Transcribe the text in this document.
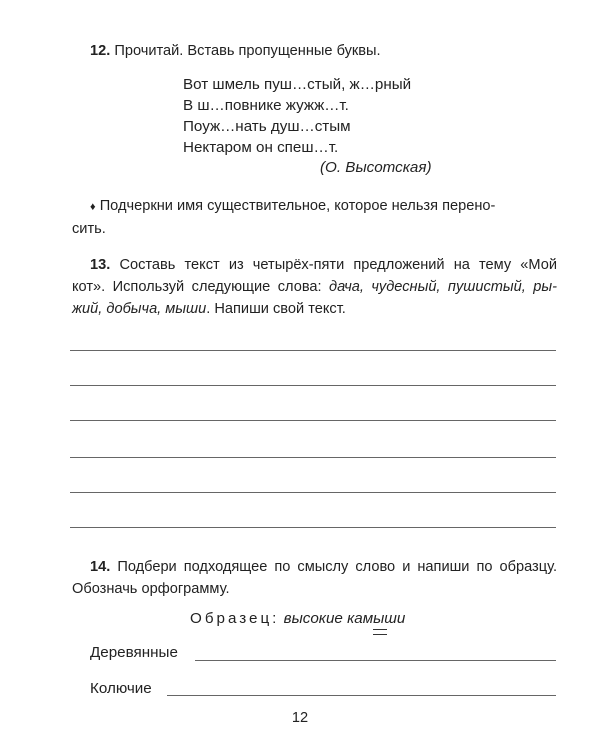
12. Прочитай. Вставь пропущенные буквы.
Вот шмель пуш…стый, ж…рный
В ш…повнике жужж…т.
Поуж…нать душ…стым
Нектаром он спеш…т.
(О. Высотская)
♦ Подчеркни имя существительное, которое нельзя перено-
сить.
13. Составь текст из четырёх-пяти предложений на тему «Мой
кот». Используй следующие слова: дача, чудесный, пушистый, ры-
жий, добыча, мыши. Напиши свой текст.
14. Подбери подходящее по смыслу слово и напиши по образцу.
Обозначь орфограмму.
Образец: высокие камыши
Деревянные
Колючие
12
